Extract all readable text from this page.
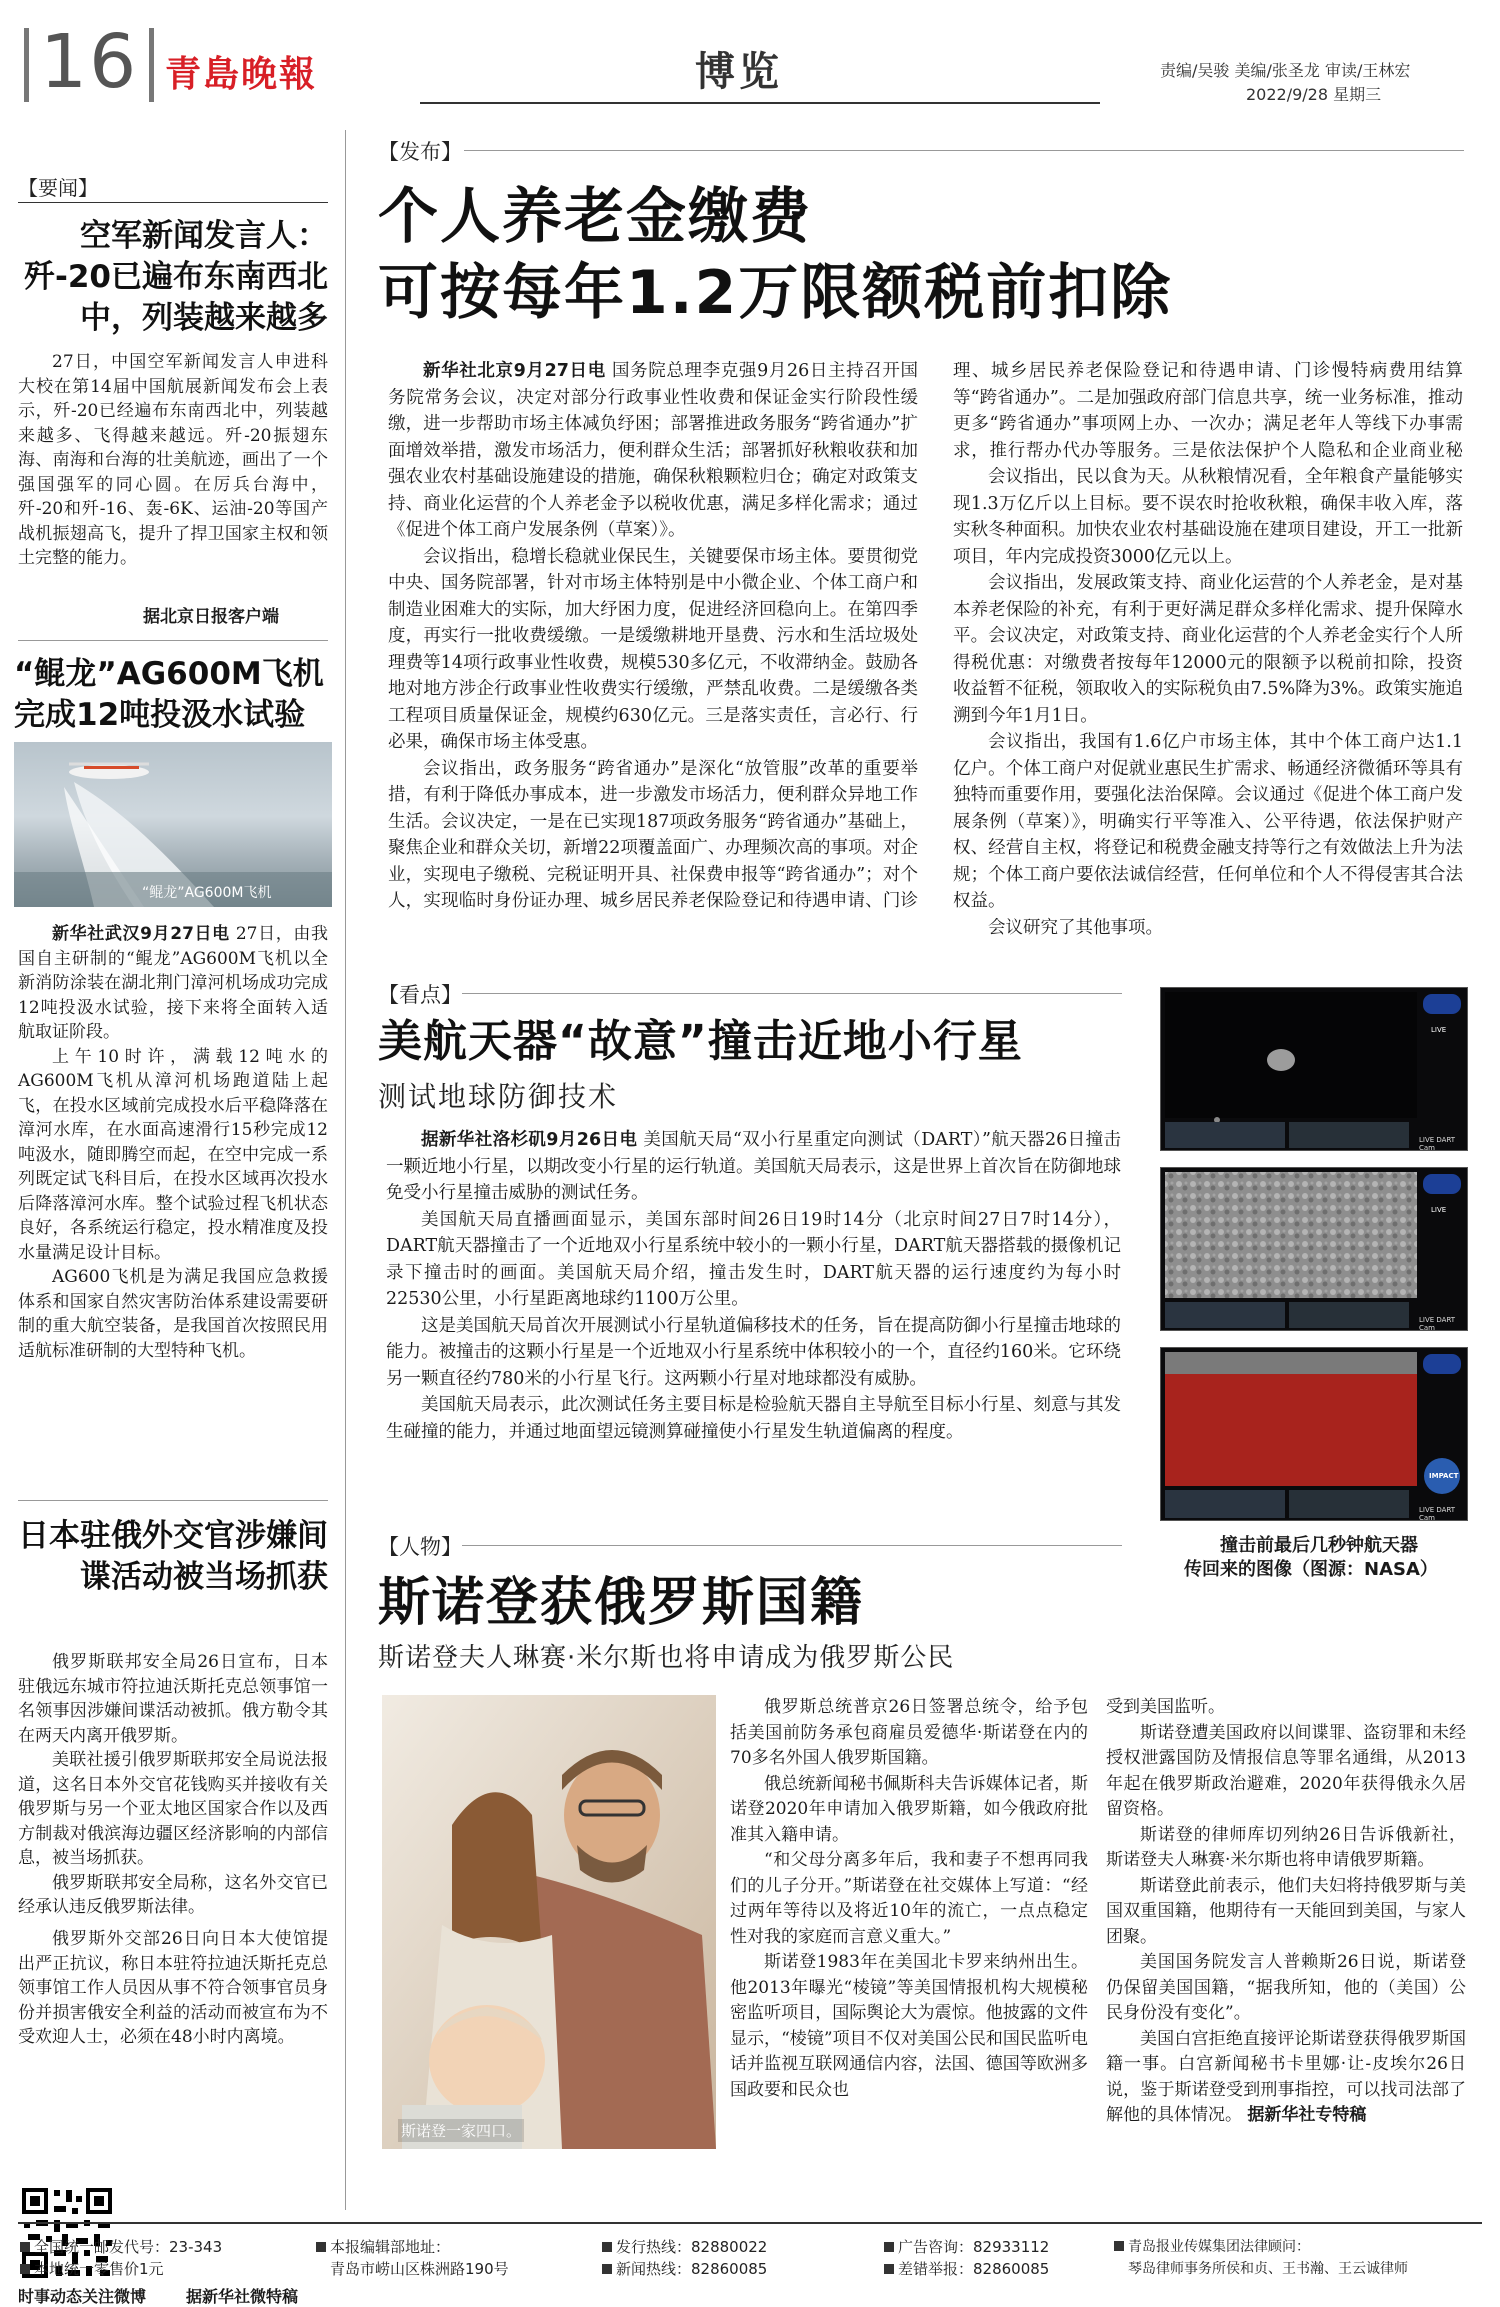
16 青島晚報	博览	责编/吴骏 美编/张圣龙 审读/王林宏
2022/9/28 星期三
【要闻】
空军新闻发言人：歼-20已遍布东南西北中，列装越来越多

27日，中国空军新闻发言人申进科大校在第14届中国航展新闻发布会上表示，歼-20已经遍布东南西北中，列装越来越多、飞得越来越远。歼-20振翅东海、南海和台海的壮美航迹，画出了一个强国强军的同心圆。在厉兵台海中，歼-20和歼-16、轰-6K、运油-20等国产战机振翅高飞，提升了捍卫国家主权和领土完整的能力。

据北京日报客户端
“鲲龙”AG600M飞机完成12吨投汲水试验
“鲲龙”AG600M飞机

新华社武汉9月27日电 27日，由我国自主研制的“鲲龙”AG600M飞机以全新消防涂装在湖北荆门漳河机场成功完成12吨投汲水试验，接下来将全面转入适航取证阶段。

上午10时许，满载12吨水的AG600M飞机从漳河机场跑道陆上起飞，在投水区域前完成投水后平稳降落在漳河水库，在水面高速滑行15秒完成12吨汲水，随即腾空而起，在空中完成一系列既定试飞科目后，在投水区域再次投水后降落漳河水库。整个试验过程飞机状态良好，各系统运行稳定，投水精准度及投水量满足设计目标。

AG600飞机是为满足我国应急救援体系和国家自然灾害防治体系建设需要研制的重大航空装备，是我国首次按照民用适航标准研制的大型特种飞机。

日本驻俄外交官涉嫌间谍活动被当场抓获

俄罗斯联邦安全局26日宣布，日本驻俄远东城市符拉迪沃斯托克总领事馆一名领事因涉嫌间谍活动被抓。俄方勒令其在两天内离开俄罗斯。

美联社援引俄罗斯联邦安全局说法报道，这名日本外交官花钱购买并接收有关俄罗斯与另一个亚太地区国家合作以及西方制裁对俄滨海边疆区经济影响的内部信息，被当场抓获。

俄罗斯联邦安全局称，这名外交官已经承认违反俄罗斯法律。

俄罗斯外交部26日向日本大使馆提出严正抗议，称日本驻符拉迪沃斯托克总领事馆工作人员因从事不符合领事官员身份并损害俄安全利益的活动而被宣布为不受欢迎人士，必须在48小时内离境。

时事动态关注微博 据新华社微特稿
【发布】
个人养老金缴费
可按每年1.2万限额税前扣除

新华社北京9月27日电 国务院总理李克强9月26日主持召开国务院常务会议，决定对部分行政事业性收费和保证金实行阶段性缓缴，进一步帮助市场主体减负纾困；部署推进政务服务“跨省通办”扩面增效举措，激发市场活力，便利群众生活；部署抓好秋粮收获和加强农业农村基础设施建设的措施，确保秋粮颗粒归仓；确定对政策支持、商业化运营的个人养老金予以税收优惠，满足多样化需求；通过《促进个体工商户发展条例（草案）》。

会议指出，稳增长稳就业保民生，关键要保市场主体。要贯彻党中央、国务院部署，针对市场主体特别是中小微企业、个体工商户和制造业困难大的实际，加大纾困力度，促进经济回稳向上。在第四季度，再实行一批收费缓缴。一是缓缴耕地开垦费、污水和生活垃圾处理费等14项行政事业性收费，规模530多亿元，不收滞纳金。鼓励各地对地方涉企行政事业性收费实行缓缴，严禁乱收费。二是缓缴各类工程项目质量保证金，规模约630亿元。三是落实责任，言必行、行必果，确保市场主体受惠。

会议指出，政务服务“跨省通办”是深化“放管服”改革的重要举措，有利于降低办事成本，进一步激发市场活力，便利群众异地工作生活。会议决定，一是在已实现187项政务服务“跨省通办”基础上，聚焦企业和群众关切，新增22项覆盖面广、办理频次高的事项。对企业，实现电子缴税、完税证明开具、社保费申报等“跨省通办”；对个人，实现临时身份证办理、城乡居民养老保险登记和待遇申请、门诊

理、城乡居民养老保险登记和待遇申请、门诊慢特病费用结算等“跨省通办”。二是加强政府部门信息共享，统一业务标准，推动更多“跨省通办”事项网上办、一次办；满足老年人等线下办事需求，推行帮办代办等服务。三是依法保护个人隐私和企业商业秘

会议指出，民以食为天。从秋粮情况看，全年粮食产量能够实现1.3万亿斤以上目标。要不误农时抢收秋粮，确保丰收入库，落实秋冬种面积。加快农业农村基础设施在建项目建设，开工一批新项目，年内完成投资3000亿元以上。

会议指出，发展政策支持、商业化运营的个人养老金，是对基本养老保险的补充，有利于更好满足群众多样化需求、提升保障水平。会议决定，对政策支持、商业化运营的个人养老金实行个人所得税优惠：对缴费者按每年12000元的限额予以税前扣除，投资收益暂不征税，领取收入的实际税负由7.5%降为3%。政策实施追溯到今年1月1日。

会议指出，我国有1.6亿户市场主体，其中个体工商户达1.1亿户。个体工商户对促就业惠民生扩需求、畅通经济微循环等具有独特而重要作用，要强化法治保障。会议通过《促进个体工商户发展条例（草案）》，明确实行平等准入、公平待遇，依法保护财产权、经营自主权，将登记和税费金融支持等行之有效做法上升为法规；个体工商户要依法诚信经营，任何单位和个人不得侵害其合法权益。

会议研究了其他事项。

【看点】
美航天器“故意”撞击近地小行星
测试地球防御技术

据新华社洛杉矶9月26日电 美国航天局“双小行星重定向测试（DART）”航天器26日撞击一颗近地小行星，以期改变小行星的运行轨道。美国航天局表示，这是世界上首次旨在防御地球免受小行星撞击威胁的测试任务。

美国航天局直播画面显示，美国东部时间26日19时14分（北京时间27日7时14分），DART航天器撞击了一个近地双小行星系统中较小的一颗小行星，DART航天器搭载的摄像机记录下撞击时的画面。美国航天局介绍，撞击发生时，DART航天器的运行速度约为每小时22530公里，小行星距离地球约1100万公里。

这是美国航天局首次开展测试小行星轨道偏移技术的任务，旨在提高防御小行星撞击地球的能力。被撞击的这颗小行星是一个近地双小行星系统中体积较小的一个，直径约160米。它环绕另一颗直径约780米的小行星飞行。这两颗小行星对地球都没有威胁。

美国航天局表示，此次测试任务主要目标是检验航天器自主导航至目标小行星、刻意与其发生碰撞的能力，并通过地面望远镜测算碰撞使小行星发生轨道偏离的程度。

LIVE
LIVE DART Cam
LIVE
LIVE DART Cam
IMPACT
LIVE DART Cam
撞击前最后几秒钟航天器
传回来的图像（图源：NASA）
【人物】
斯诺登获俄罗斯国籍
斯诺登夫人琳赛·米尔斯也将申请成为俄罗斯公民
斯诺登一家四口。

俄罗斯总统普京26日签署总统令，给予包括美国前防务承包商雇员爱德华·斯诺登在内的70多名外国人俄罗斯国籍。

俄总统新闻秘书佩斯科夫告诉媒体记者，斯诺登2020年申请加入俄罗斯籍，如今俄政府批准其入籍申请。

“和父母分离多年后，我和妻子不想再同我们的儿子分开。”斯诺登在社交媒体上写道：“经过两年等待以及将近10年的流亡，一点点稳定性对我的家庭而言意义重大。”

斯诺登1983年在美国北卡罗来纳州出生。他2013年曝光“棱镜”等美国情报机构大规模秘密监听项目，国际舆论大为震惊。他披露的文件显示，“棱镜”项目不仅对美国公民和国民监听电话并监视互联网通信内容，法国、德国等欧洲多国政要和民众也

受到美国监听。

斯诺登遭美国政府以间谍罪、盗窃罪和未经授权泄露国防及情报信息等罪名通缉，从2013年起在俄罗斯政治避难，2020年获得俄永久居留资格。

斯诺登的律师库切列纳26日告诉俄新社，斯诺登夫人琳赛·米尔斯也将申请俄罗斯籍。

斯诺登此前表示，他们夫妇将持俄罗斯与美国双重国籍，他期待有一天能回到美国，与家人团聚。

美国国务院发言人普赖斯26日说，斯诺登仍保留美国国籍，“据我所知，他的（美国）公民身份没有变化”。

美国白宫拒绝直接评论斯诺登获得俄罗斯国籍一事。白宫新闻秘书卡里娜·让-皮埃尔26日说，鉴于斯诺登受到刑事指控，可以找司法部了解他的具体情况。 据新华社专特稿

全国统一邮发代号：23-343
本地统一零售价1元
本报编辑部地址：
青岛市崂山区株洲路190号
发行热线：82880022
新闻热线：82860085
广告咨询：82933112
差错举报：82860085
青岛报业传媒集团法律顾问：
琴岛律师事务所侯和贞、王书瀚、王云诚律师
